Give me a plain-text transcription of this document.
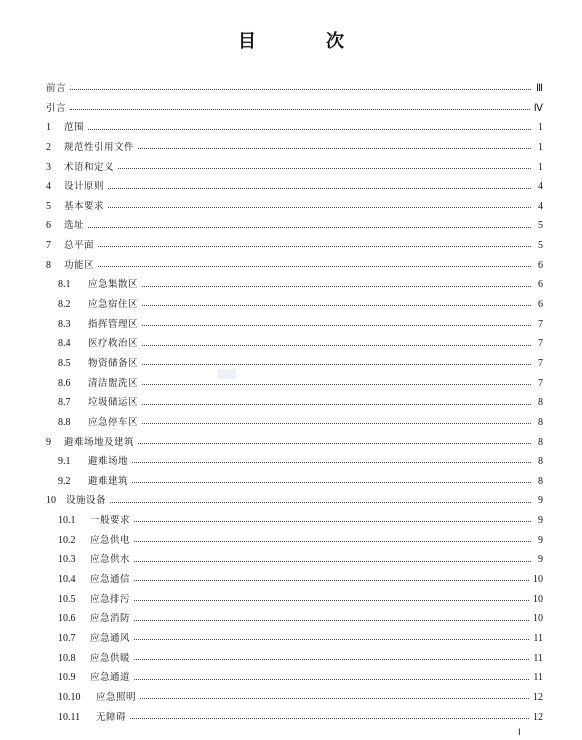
目　次
前言	Ⅲ
引言	Ⅳ
1	范围	1
2	规范性引用文件	1
3	术语和定义	1
4	设计原则	4
5	基本要求	4
6	选址	5
7	总平面	5
8	功能区	6
8.1	应急集散区	6
8.2	应急宿住区	6
8.3	指挥管理区	7
8.4	医疗救治区	7
8.5	物资储备区	7
8.6	清洁盥洗区	7
8.7	垃圾储运区	8
8.8	应急停车区	8
9	避难场地及建筑	8
9.1	避难场地	8
9.2	避难建筑	8
10	设施设备	9
10.1	一般要求	9
10.2	应急供电	9
10.3	应急供水	9
10.4	应急通信	10
10.5	应急排污	10
10.6	应急消防	10
10.7	应急通风	11
10.8	应急供暖	11
10.9	应急通道	11
10.10	应急照明	12
10.11	无障碍	12
Ⅰ
